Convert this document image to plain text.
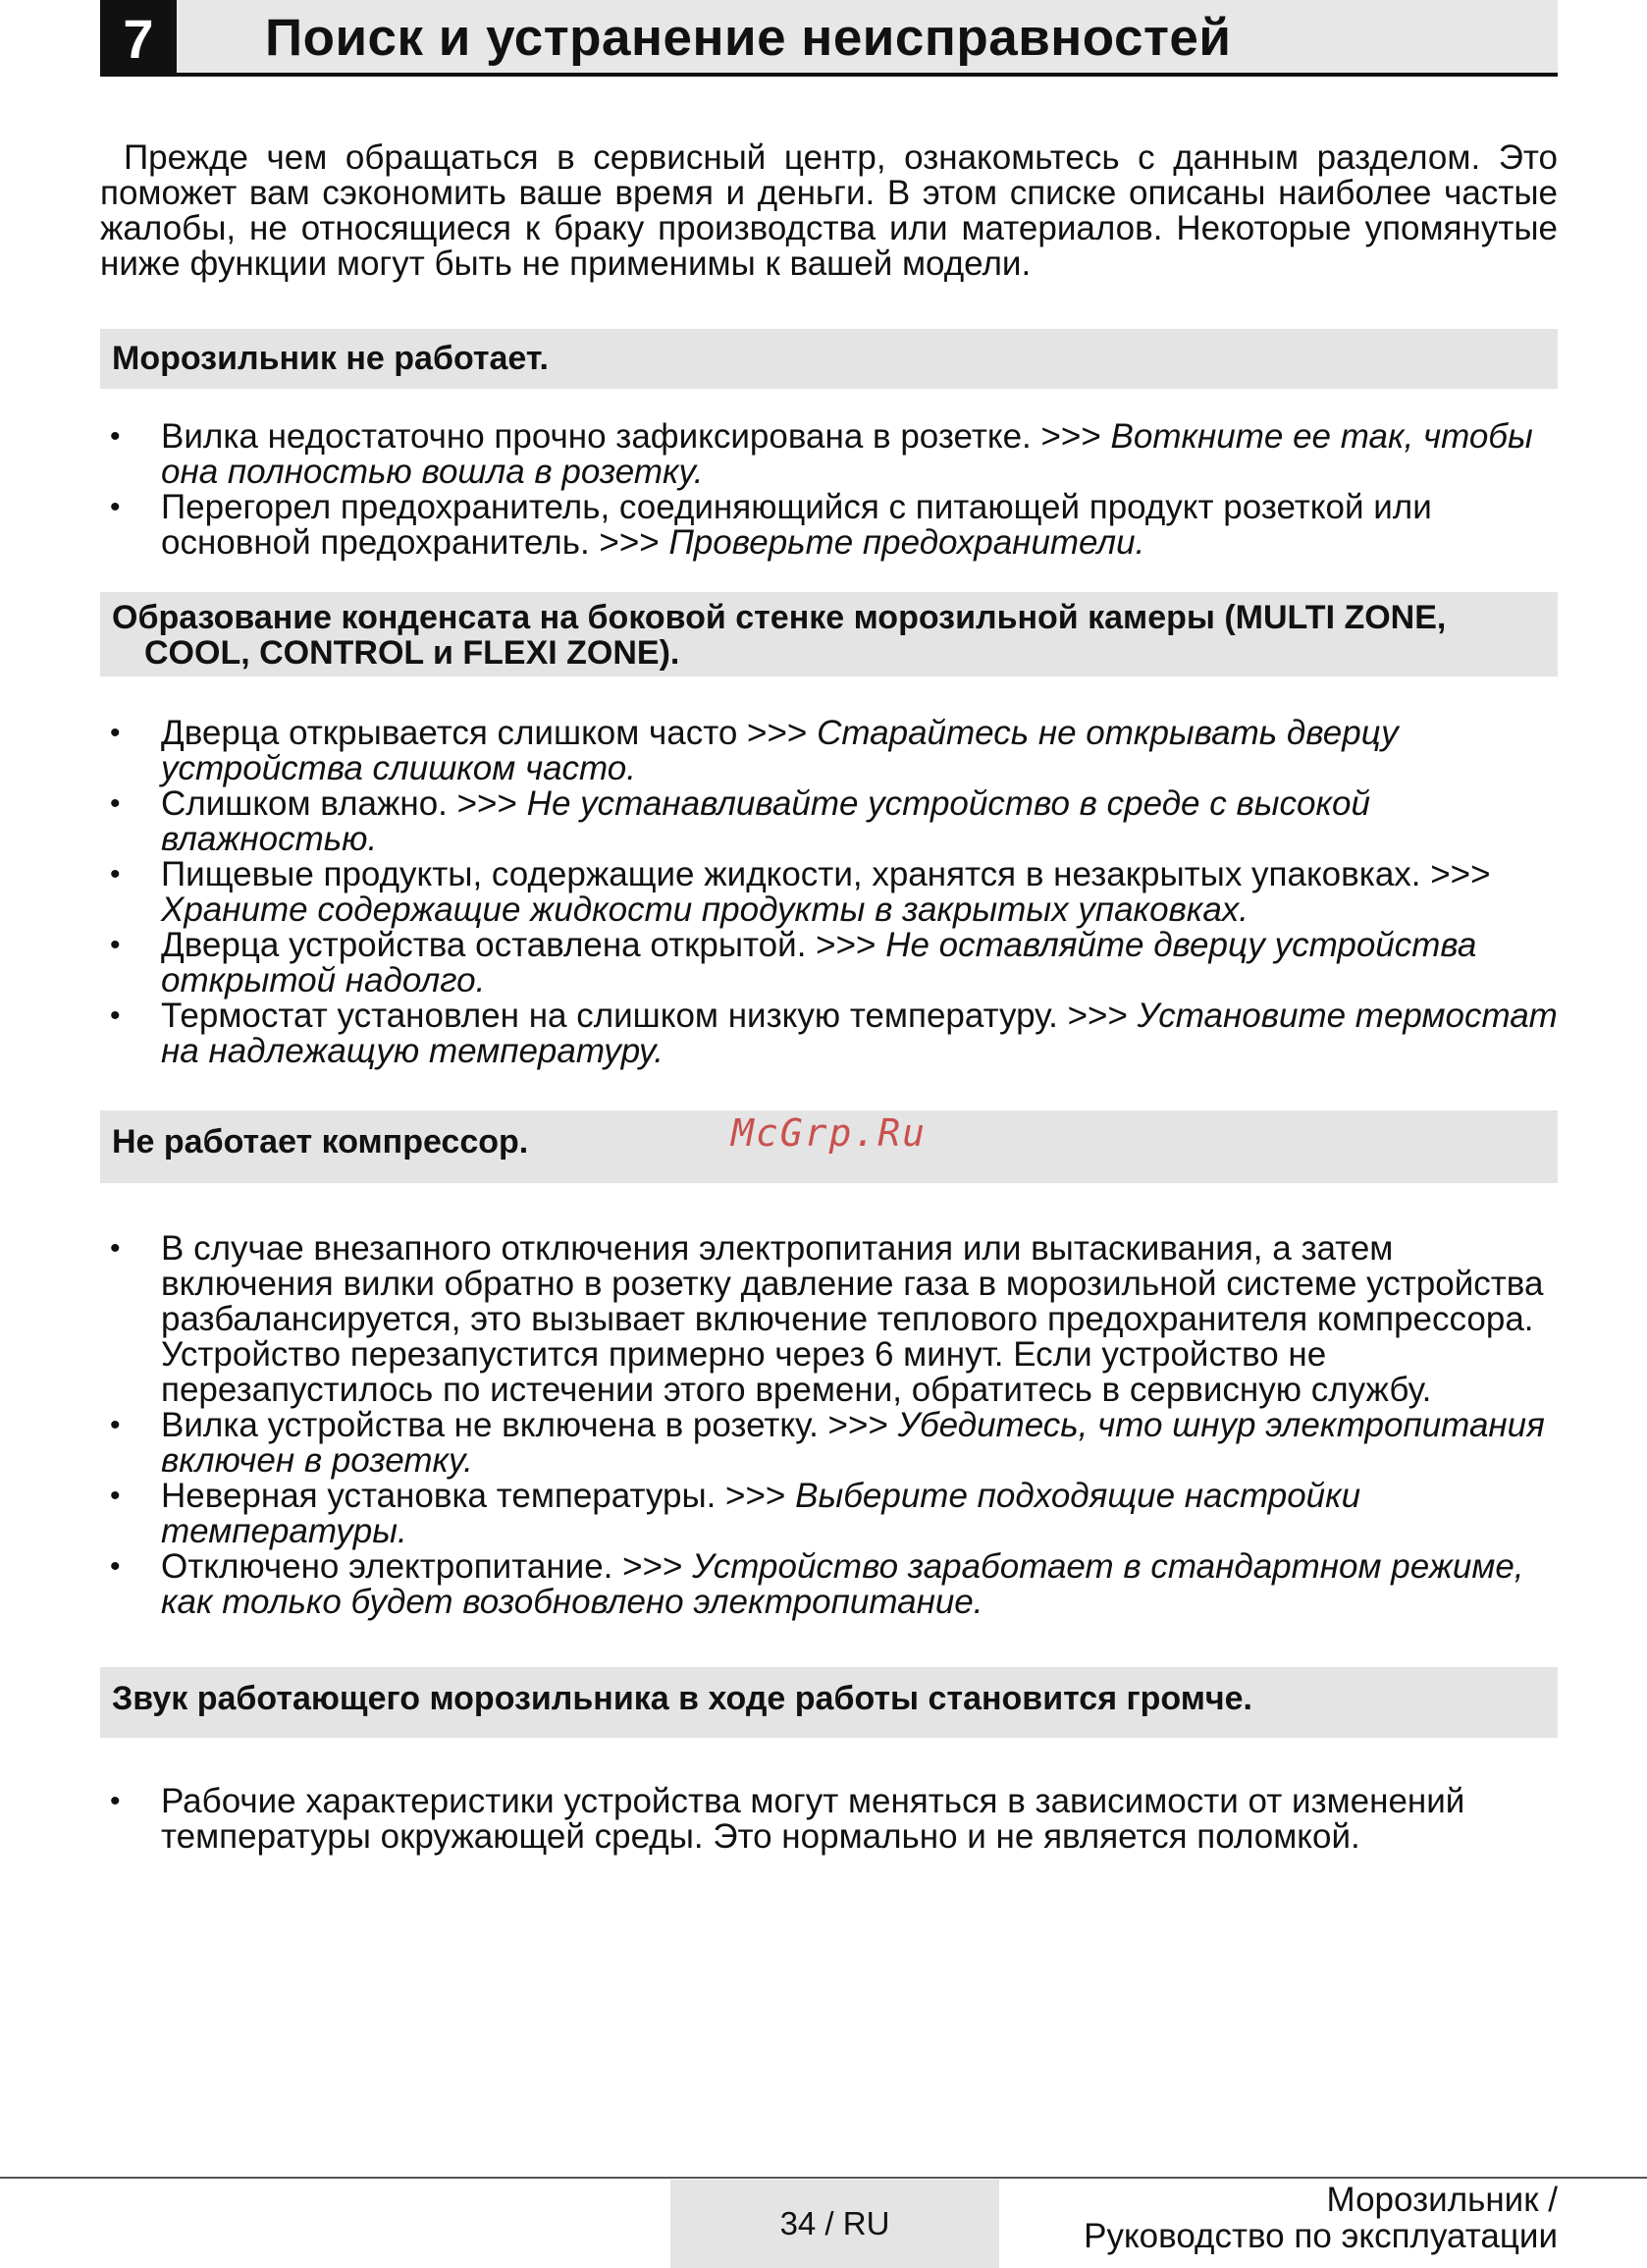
7	Поиск и устранение неисправностей

Прежде чем обращаться в сервисный центр, ознакомьтесь с данным разделом. Это поможет вам сэкономить ваше время и деньги. В этом списке описаны наиболее частые жалобы, не относящиеся к браку производства или материалов. Некоторые упомянутые ниже функции могут быть не применимы к вашей модели.

Морозильник не работает.
• Вилка недостаточно прочно зафиксирована в розетке. >>> Воткните ее так, чтобы она полностью вошла в розетку.
• Перегорел предохранитель, соединяющийся с питающей продукт розеткой или основной предохранитель. >>> Проверьте предохранители.
Образование конденсата на боковой стенке морозильной камеры (MULTI ZONE, COOL, CONTROL и FLEXI ZONE).
• Дверца открывается слишком часто >>> Старайтесь не открывать дверцу устройства слишком часто.
• Слишком влажно. >>> Не устанавливайте устройство в среде с высокой влажностью.
• Пищевые продукты, содержащие жидкости, хранятся в незакрытых упаковках. >>> Храните содержащие жидкости продукты в закрытых упаковках.
• Дверца устройства оставлена открытой. >>> Не оставляйте дверцу устройства открытой надолго.
• Термостат установлен на слишком низкую температуру. >>> Установите термостат на надлежащую температуру.
Не работает компрессор.	McGrp.Ru
• В случае внезапного отключения электропитания или вытаскивания, а затем включения вилки обратно в розетку давление газа в морозильной системе устройства разбалансируется, это вызывает включение теплового предохранителя компрессора. Устройство перезапустится примерно через 6 минут. Если устройство не перезапустилось по истечении этого времени, обратитесь в сервисную службу.
• Вилка устройства не включена в розетку. >>> Убедитесь, что шнур электропитания включен в розетку.
• Неверная установка температуры. >>> Выберите подходящие настройки температуры.
• Отключено электропитание. >>> Устройство заработает в стандартном режиме, как только будет возобновлено электропитание.
Звук работающего морозильника в ходе работы становится громче.
• Рабочие характеристики устройства могут меняться в зависимости от изменений температуры окружающей среды. Это нормально и не является поломкой.
34 / RU
Морозильник /
Руководство по эксплуатации
